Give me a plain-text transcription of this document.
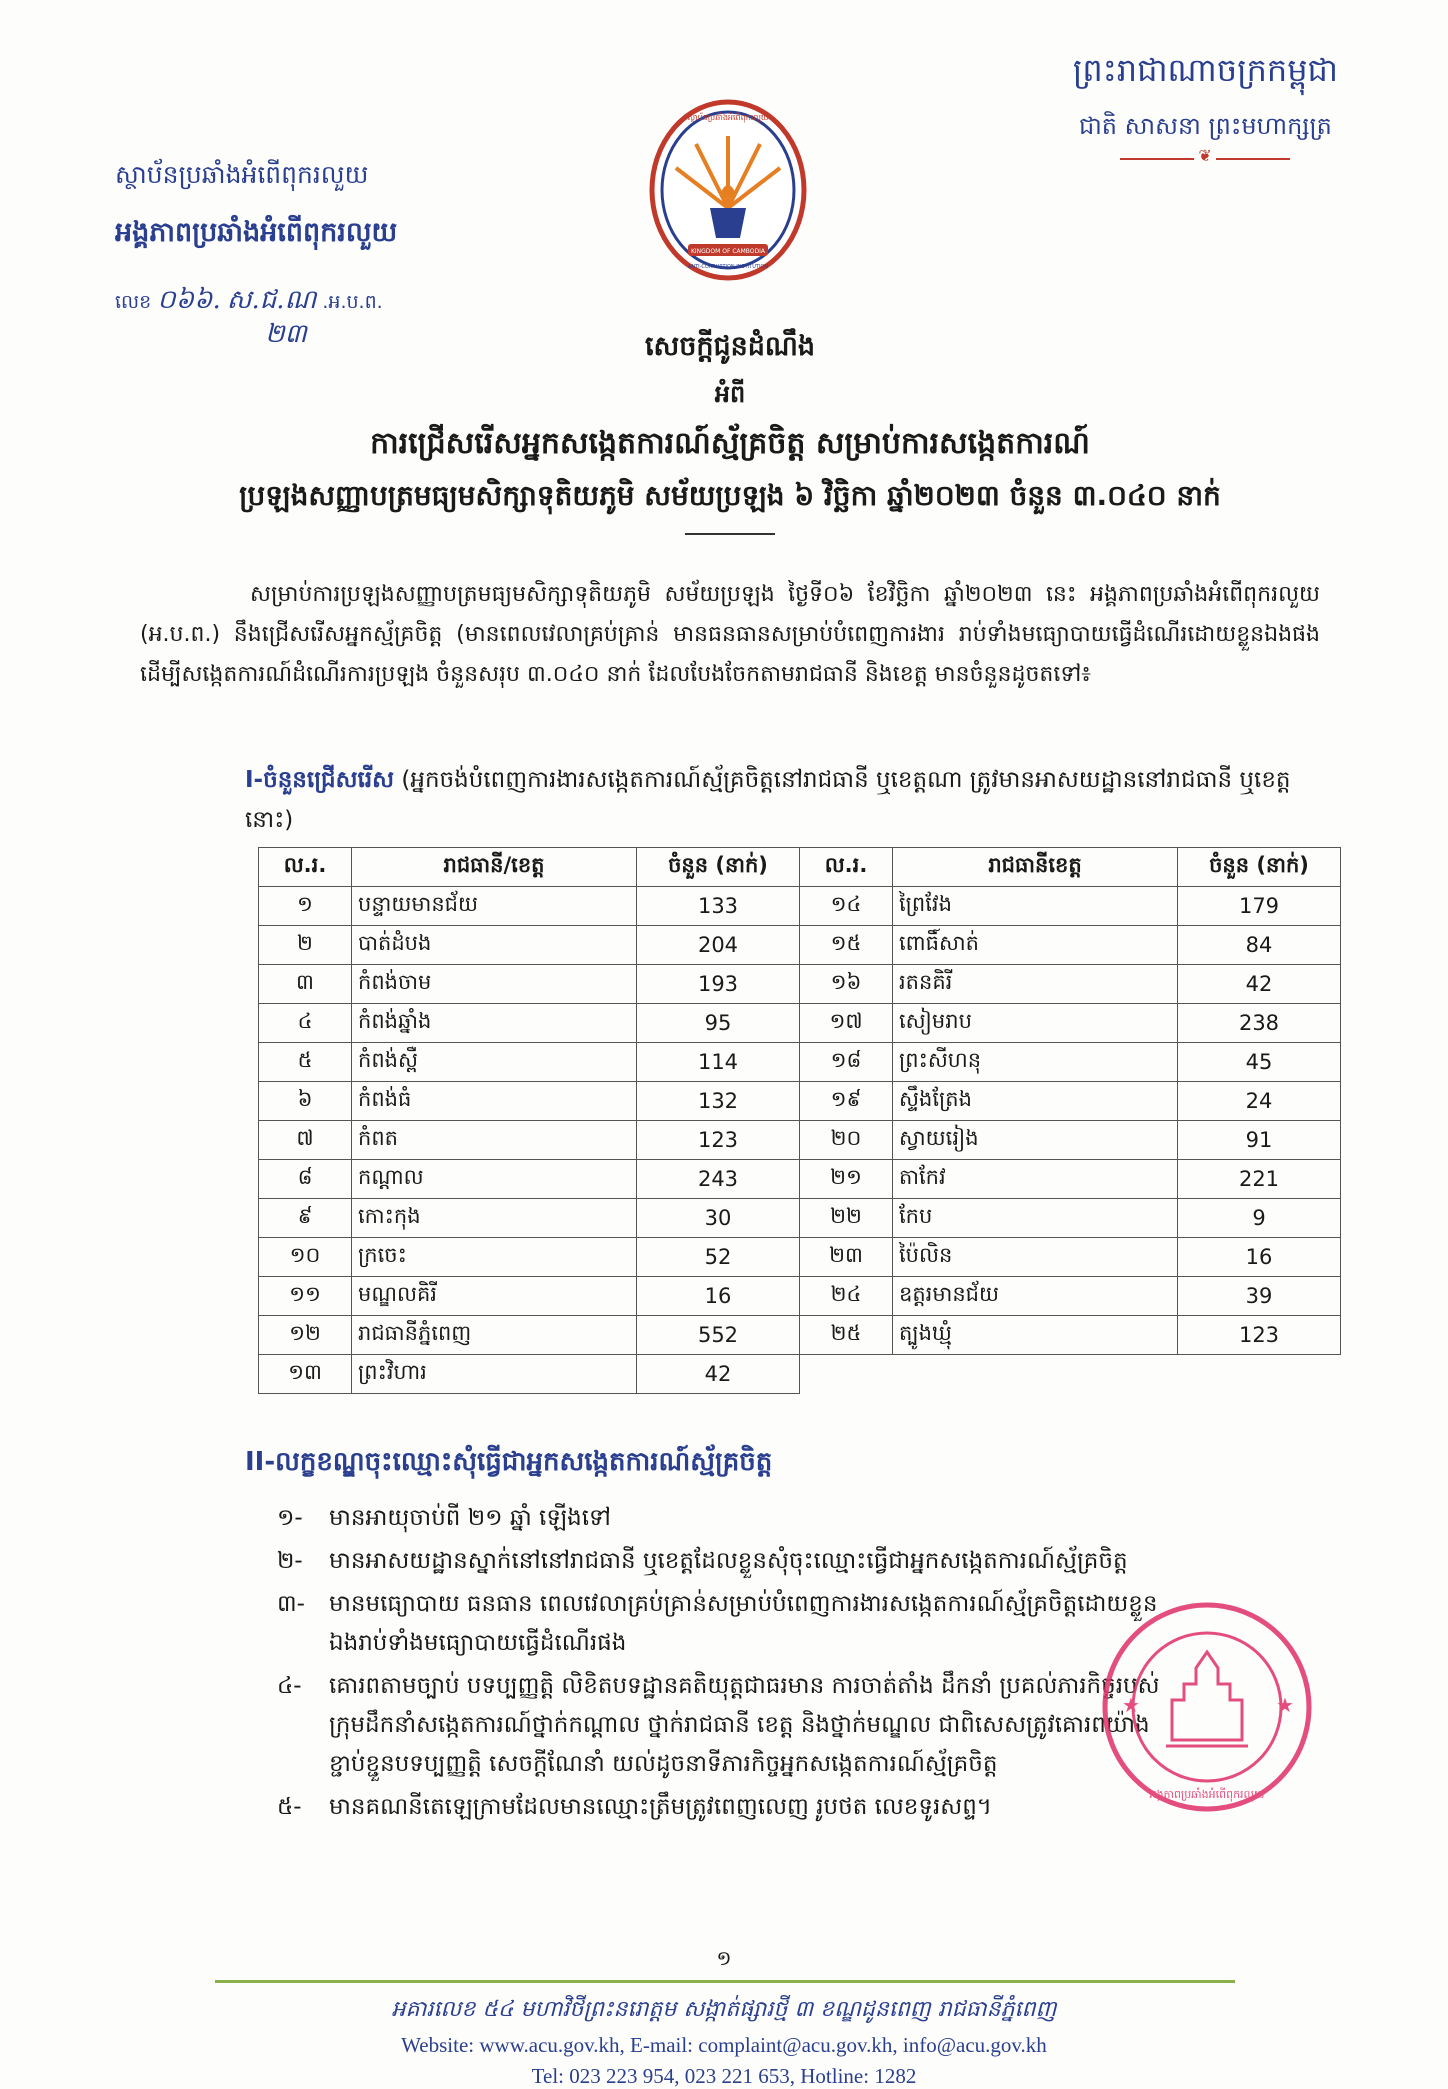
ព្រះរាជាណាចក្រកម្ពុជា
ជាតិ សាសនា ព្រះមហាក្សត្រ
❦
ស្ថាប័នប្រឆាំងអំពើពុករលួយ
KINGDOM OF CAMBODIA
ANTI-CORRUPTION INSTITUTION
ស្ថាប័នប្រឆាំងអំពើពុករលួយ
អង្គភាពប្រឆាំងអំពើពុករលួយ
លេខ ០៦៦. ស.ជ.ណ .អ.ប.ព.
២៣	សេចក្ដីជូនដំណឹង
អំពី
ការជ្រើសរើសអ្នកសង្កេតការណ៍ស្ម័គ្រចិត្ត សម្រាប់ការសង្កេតការណ៍
ប្រឡងសញ្ញាបត្រមធ្យមសិក្សាទុតិយភូមិ សម័យប្រឡង ៦ វិច្ឆិកា ឆ្នាំ២០២៣ ចំនួន ៣.០៤០ នាក់

សម្រាប់ការប្រឡងសញ្ញាបត្រមធ្យមសិក្សាទុតិយភូមិ សម័យប្រឡង ថ្ងៃទី០៦ ខែវិច្ឆិកា ឆ្នាំ២០២៣ នេះ អង្គភាពប្រឆាំងអំពើពុករលួយ (អ.ប.ព.) នឹងជ្រើសរើសអ្នកស្ម័គ្រចិត្ត (មានពេលវេលាគ្រប់គ្រាន់ មានធនធានសម្រាប់បំពេញការងារ រាប់ទាំងមធ្យោបាយធ្វើដំណើរដោយខ្លួនឯងផង ដើម្បីសង្កេតការណ៍ដំណើរការប្រឡង ចំនួនសរុប ៣.០៤០ នាក់ ដែលបែងចែកតាមរាជធានី និងខេត្ត មានចំនួនដូចតទៅ៖

I-ចំនួនជ្រើសរើស (អ្នកចង់បំពេញការងារសង្កេតការណ៍ស្ម័គ្រចិត្តនៅរាជធានី ឬខេត្តណា ត្រូវមានអាសយដ្ឋាននៅរាជធានី ឬខេត្តនោះ)
ល.រ.	រាជធានី/ខេត្ត	ចំនួន (នាក់)	ល.រ.	រាជធានីខេត្ត	ចំនួន (នាក់)
១	បន្ទាយមានជ័យ	133	១៤	ព្រៃវែង	179
២	បាត់ដំបង	204	១៥	ពោធិ៍សាត់	84
៣	កំពង់ចាម	193	១៦	រតនគិរី	42
៤	កំពង់ឆ្នាំង	95	១៧	សៀមរាប	238
៥	កំពង់ស្ពឺ	114	១៨	ព្រះសីហនុ	45
៦	កំពង់ធំ	132	១៩	ស្ទឹងត្រែង	24
៧	កំពត	123	២០	ស្វាយរៀង	91
៨	កណ្ដាល	243	២១	តាកែវ	221
៩	កោះកុង	30	២២	កែប	9
១០	ក្រចេះ	52	២៣	ប៉ៃលិន	16
១១	មណ្ឌលគិរី	16	២៤	ឧត្ដរមានជ័យ	39
១២	រាជធានីភ្នំពេញ	552	២៥	ត្បូងឃ្មុំ	123
១៣	ព្រះវិហារ	42			
II-លក្ខខណ្ឌចុះឈ្មោះសុំធ្វើជាអ្នកសង្កេតការណ៍ស្ម័គ្រចិត្ត
១- មានអាយុចាប់ពី ២១ ឆ្នាំ ឡើងទៅ
២- មានអាសយដ្ឋានស្នាក់នៅនៅរាជធានី ឬខេត្តដែលខ្លួនសុំចុះឈ្មោះធ្វើជាអ្នកសង្កេតការណ៍ស្ម័គ្រចិត្ត
៣- មានមធ្យោបាយ ធនធាន ពេលវេលាគ្រប់គ្រាន់សម្រាប់បំពេញការងារសង្កេតការណ៍ស្ម័គ្រចិត្តដោយខ្លួន
ឯងរាប់ទាំងមធ្យោបាយធ្វើដំណើរផង
៤- គោរពតាមច្បាប់ បទប្បញ្ញត្តិ លិខិតបទដ្ឋានគតិយុត្តជាធរមាន ការចាត់តាំង ដឹកនាំ ប្រគល់ភារកិច្ចរបស់
ក្រុមដឹកនាំសង្កេតការណ៍ថ្នាក់កណ្ដាល ថ្នាក់រាជធានី ខេត្ត និងថ្នាក់មណ្ឌល ជាពិសេសត្រូវគោរពយ៉ាង
ខ្ជាប់ខ្ជួនបទប្បញ្ញត្តិ សេចក្ដីណែនាំ យល់ដូចនាទីភារកិច្ចអ្នកសង្កេតការណ៍ស្ម័គ្រចិត្ត
៥- មានគណនីតេឡេក្រាមដែលមានឈ្មោះត្រឹមត្រូវពេញលេញ រូបថត លេខទូរសព្ទ។
★	★
អង្គភាពប្រឆាំងអំពើពុករលួយ
១
អគារលេខ ៥៤ មហាវិថីព្រះនរោត្តម សង្កាត់ផ្សារថ្មី ៣ ខណ្ឌដូនពេញ រាជធានីភ្នំពេញ
Website: www.acu.gov.kh, E-mail: complaint@acu.gov.kh, info@acu.gov.kh
Tel: 023 223 954, 023 221 653, Hotline: 1282
